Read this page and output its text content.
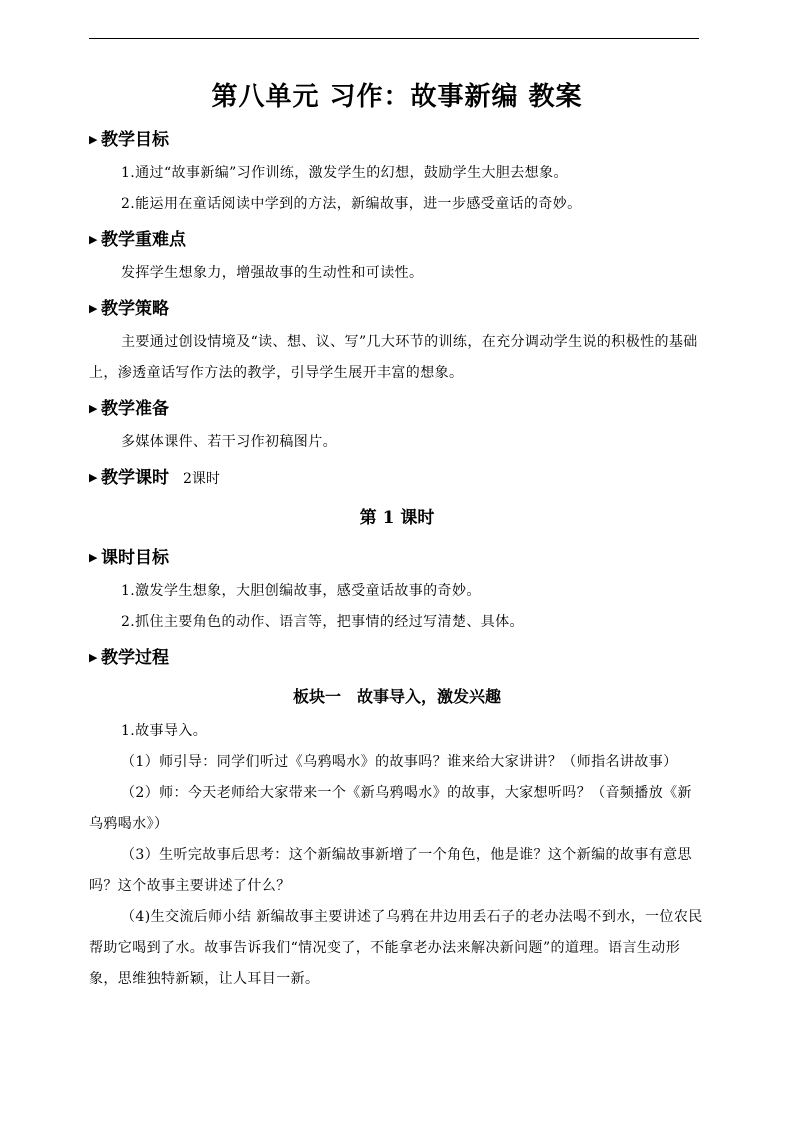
第八单元 习作：故事新编 教案
▶ 教学目标

1.通过“故事新编”习作训练，激发学生的幻想，鼓励学生大胆去想象。

2.能运用在童话阅读中学到的方法，新编故事，进一步感受童话的奇妙。

▶ 教学重难点

发挥学生想象力，增强故事的生动性和可读性。

▶ 教学策略

主要通过创设情境及“读、想、议、写”几大环节的训练，在充分调动学生说的积极性的基础上，渗透童话写作方法的教学，引导学生展开丰富的想象。

▶ 教学准备

多媒体课件、若干习作初稿图片。

▶ 教学课时 2课时
第 1 课时
▶ 课时目标

1.激发学生想象，大胆创编故事，感受童话故事的奇妙。

2.抓住主要角色的动作、语言等，把事情的经过写清楚、具体。

▶ 教学过程
板块一　故事导入，激发兴趣

1.故事导入。

（1）师引导：同学们听过《乌鸦喝水》的故事吗？谁来给大家讲讲？（师指名讲故事）

（2）师：今天老师给大家带来一个《新乌鸦喝水》的故事，大家想听吗？（音频播放《新乌鸦喝水》）

（3）生听完故事后思考：这个新编故事新增了一个角色，他是谁？这个新编的故事有意思吗？这个故事主要讲述了什么？

（4)生交流后师小结 新编故事主要讲述了乌鸦在井边用丢石子的老办法喝不到水，一位农民帮助它喝到了水。故事告诉我们“情况变了，不能拿老办法来解决新问题”的道理。语言生动形象，思维独特新颖，让人耳目一新。
